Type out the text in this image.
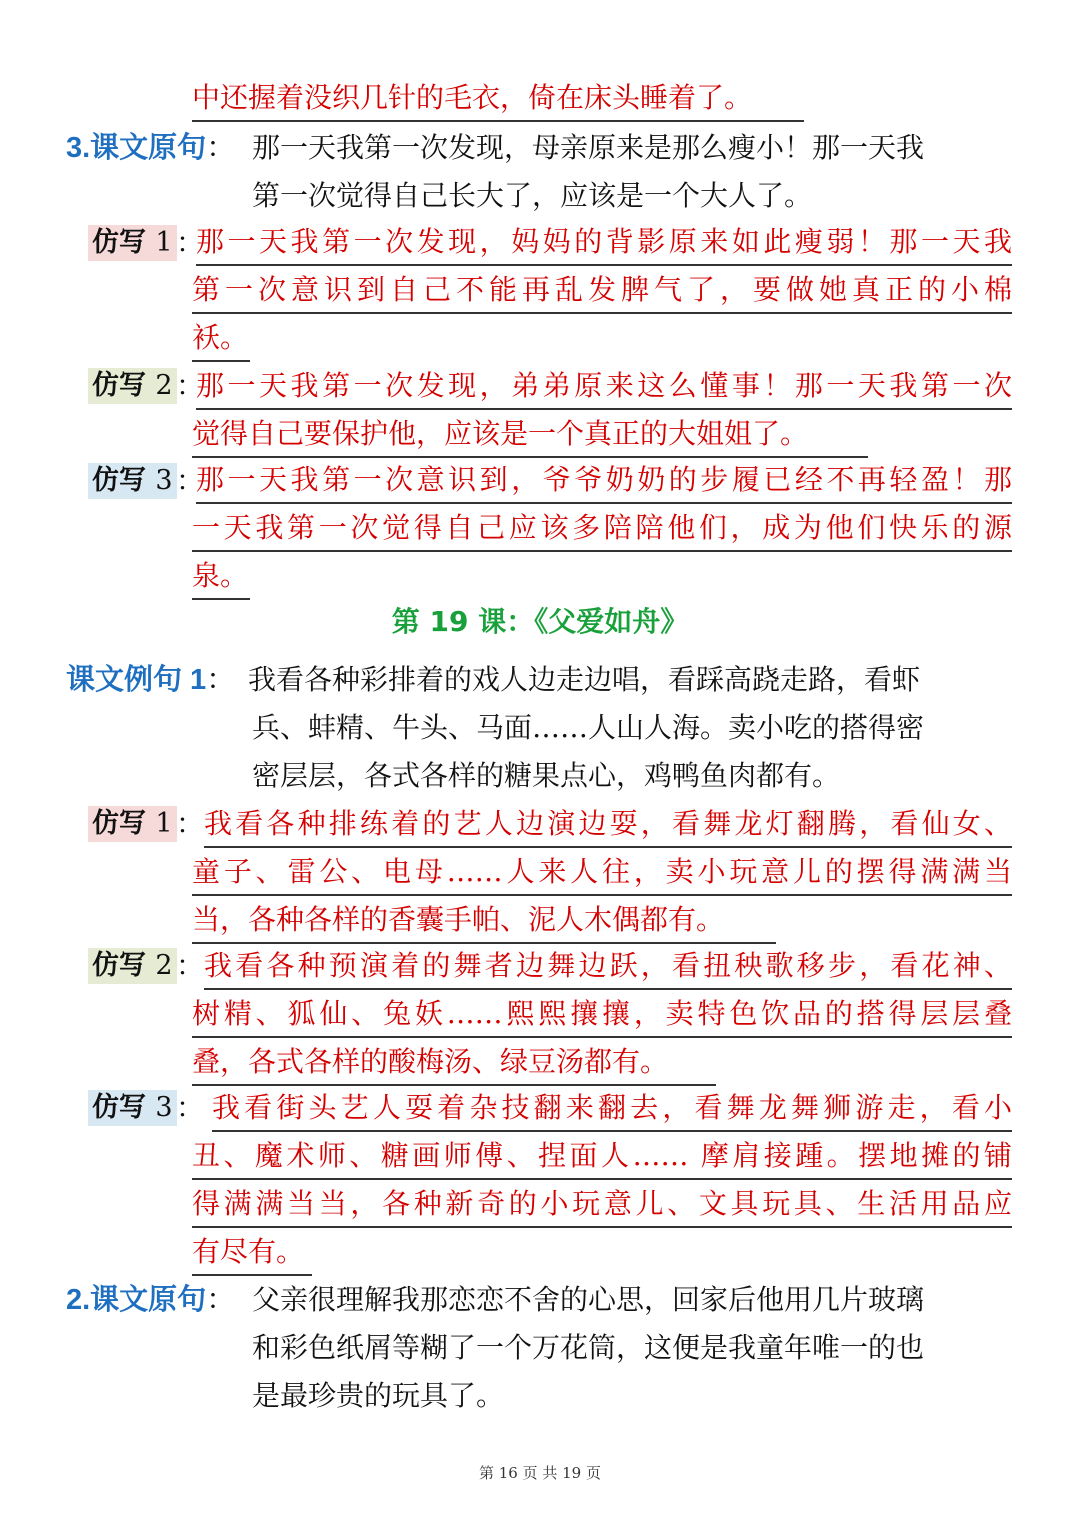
中还握着没织几针的毛衣，倚在床头睡着了。
3.课文原句： 那一天我第一次发现，母亲原来是那么瘦小！那一天我
第一次觉得自己长大了，应该是一个大人了。
仿写 1 ：
那一天我第一次发现，妈妈的背影原来如此瘦弱！那一天我
第一次意识到自己不能再乱发脾气了，要做她真正的小棉
袄。
仿写 2 ：
那一天我第一次发现，弟弟原来这么懂事！那一天我第一次
觉得自己要保护他，应该是一个真正的大姐姐了。
仿写 3 ：
那一天我第一次意识到，爷爷奶奶的步履已经不再轻盈！那
一天我第一次觉得自己应该多陪陪他们，成为他们快乐的源
泉。
第 19 课：《父爱如舟》
课文例句 1： 我看各种彩排着的戏人边走边唱，看踩高跷走路，看虾
兵、蚌精、牛头、马面……人山人海。卖小吃的搭得密
密层层，各式各样的糖果点心，鸡鸭鱼肉都有。
仿写 1 ： 我看各种排练着的艺人边演边耍，看舞龙灯翻腾，看仙女、
童子、雷公、电母……人来人往，卖小玩意儿的摆得满满当
当，各种各样的香囊手帕、泥人木偶都有。
仿写 2 ： 我看各种预演着的舞者边舞边跃，看扭秧歌移步，看花神、
树精、狐仙、兔妖……熙熙攘攘，卖特色饮品的搭得层层叠
叠，各式各样的酸梅汤、绿豆汤都有。
仿写 3 ： 我看街头艺人耍着杂技翻来翻去，看舞龙舞狮游走，看小
丑、魔术师、糖画师傅、捏面人…… 摩肩接踵。摆地摊的铺
得满满当当，各种新奇的小玩意儿、文具玩具、生活用品应
有尽有。
2.课文原句： 父亲很理解我那恋恋不舍的心思，回家后他用几片玻璃
和彩色纸屑等糊了一个万花筒，这便是我童年唯一的也
是最珍贵的玩具了。
第 16 页 共 19 页
